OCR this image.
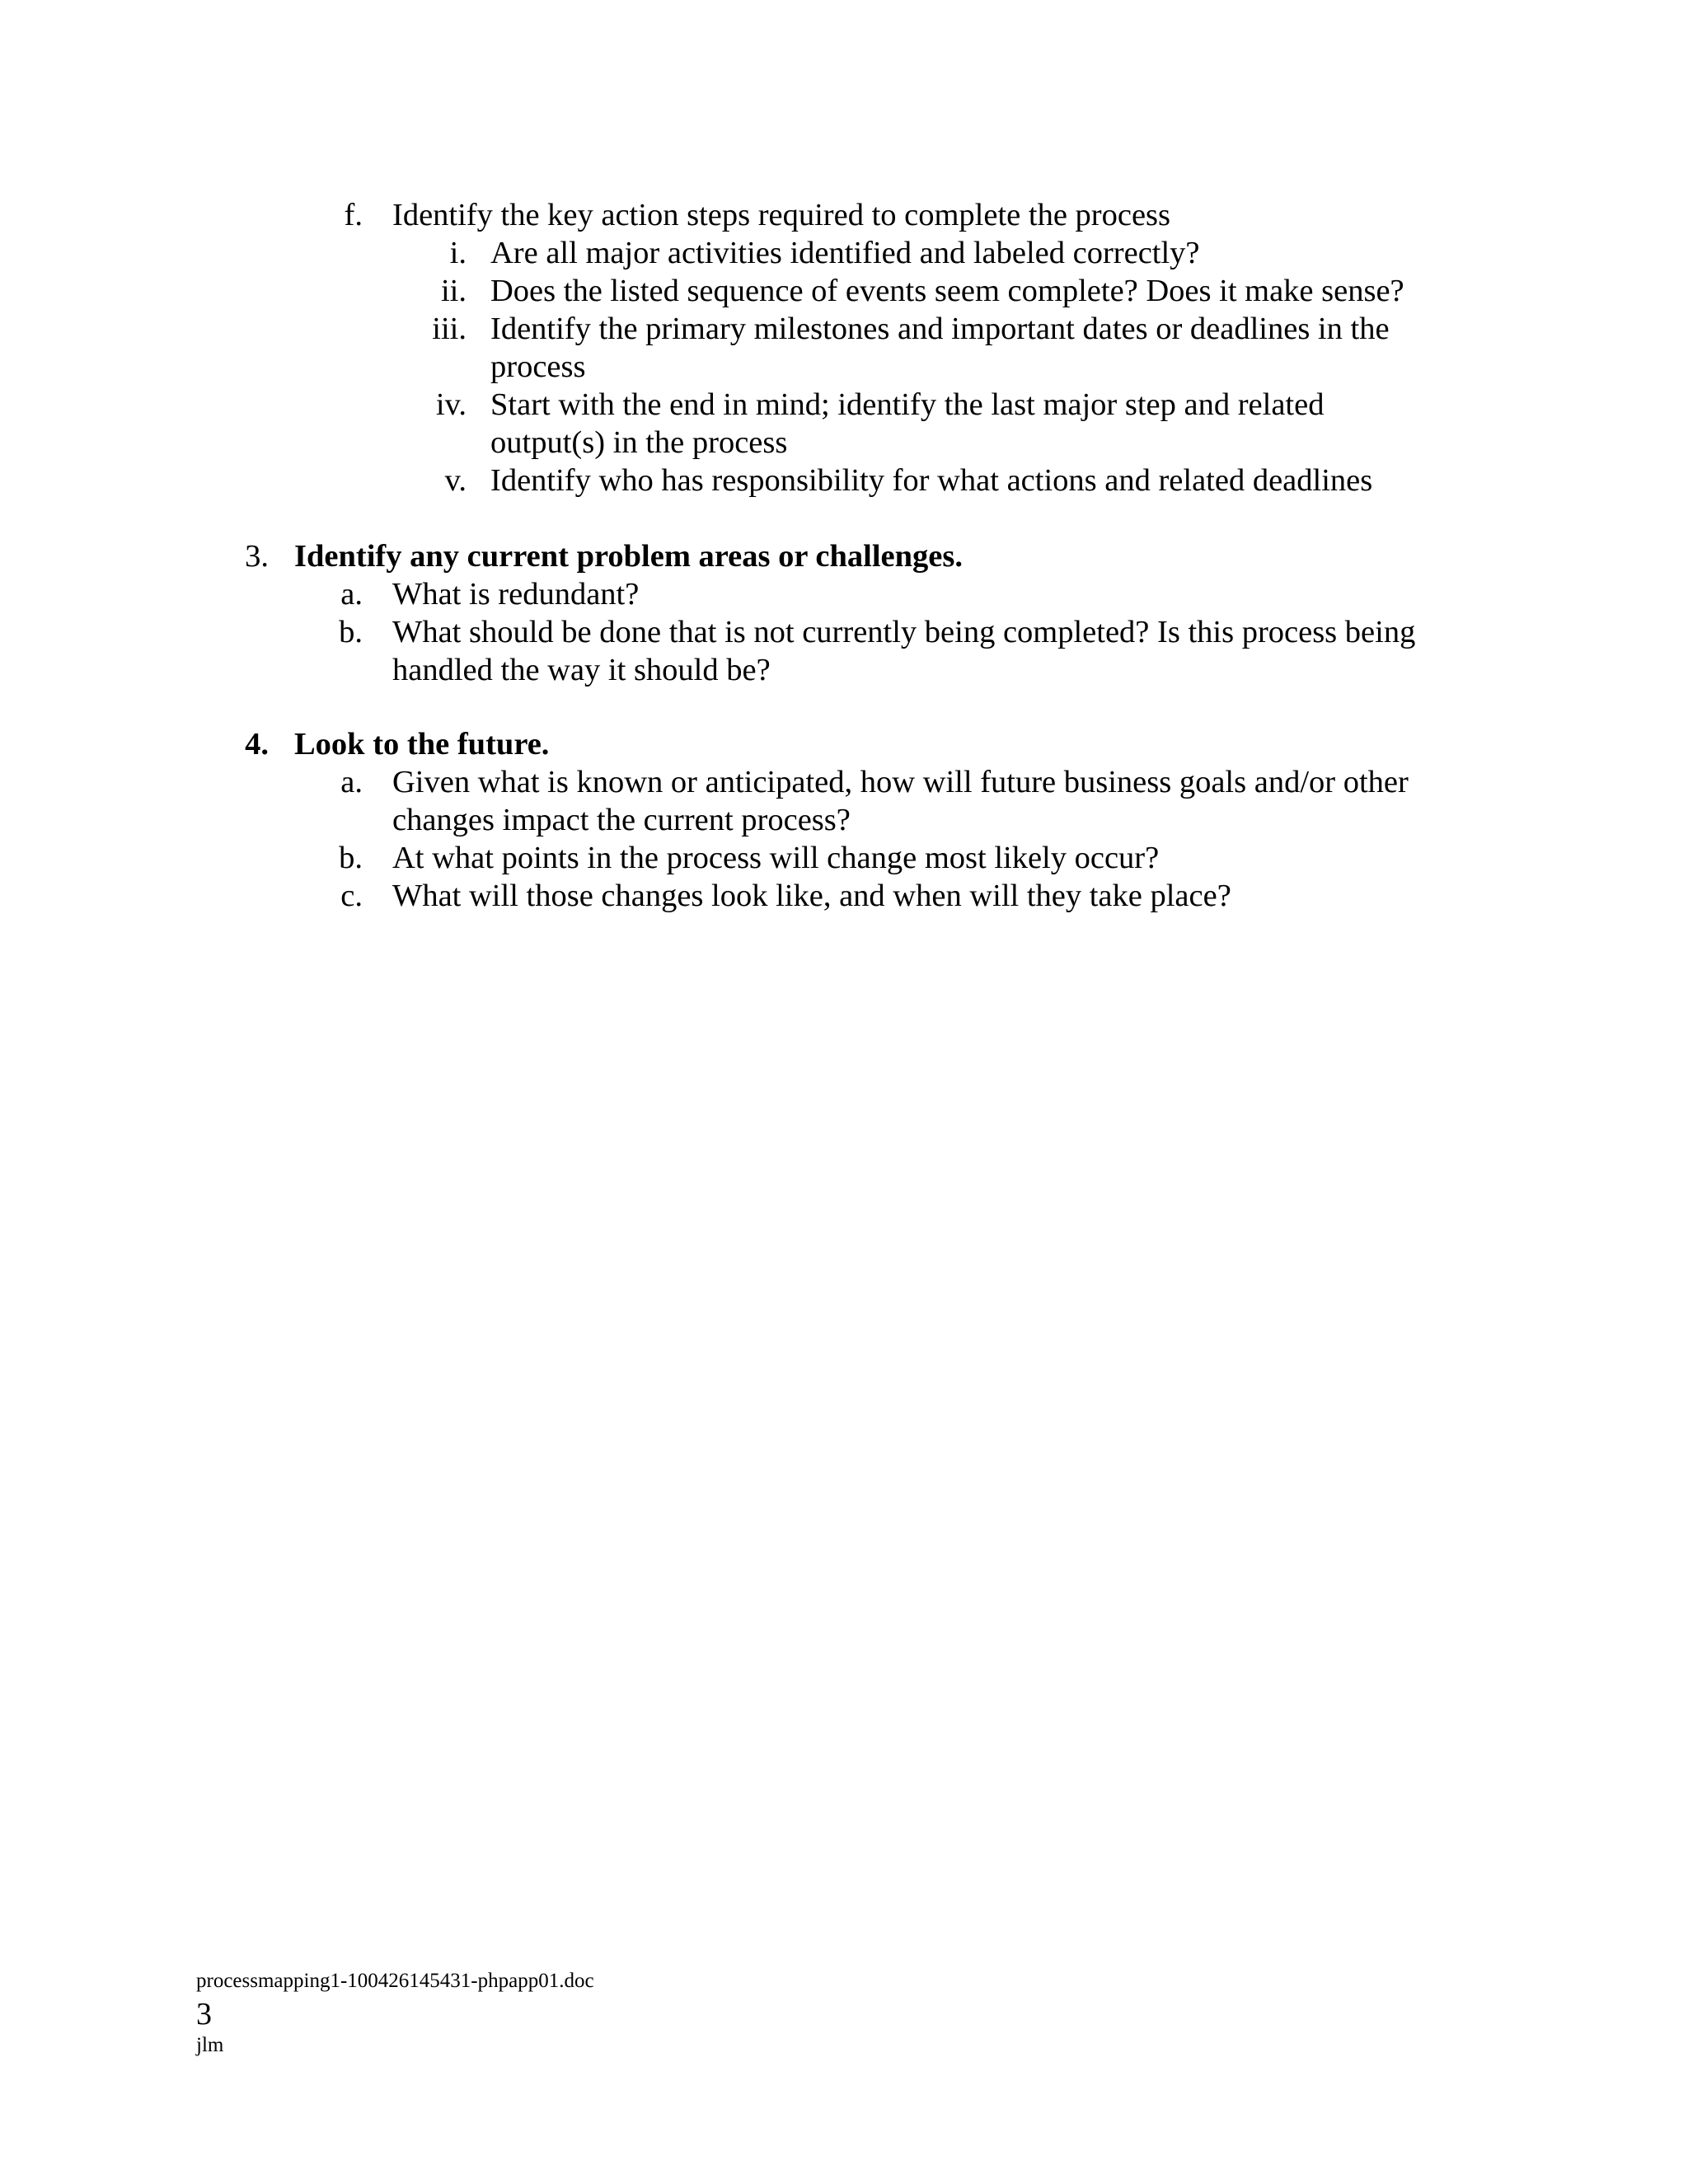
f. Identify the key action steps required to complete the process
i. Are all major activities identified and labeled correctly?
ii. Does the listed sequence of events seem complete? Does it make sense?
iii. Identify the primary milestones and important dates or deadlines in the
process
iv. Start with the end in mind; identify the last major step and related
output(s) in the process
v. Identify who has responsibility for what actions and related deadlines
3. Identify any current problem areas or challenges.
a. What is redundant?
b. What should be done that is not currently being completed? Is this process being
handled the way it should be?
4. Look to the future.
a. Given what is known or anticipated, how will future business goals and/or other
changes impact the current process?
b. At what points in the process will change most likely occur?
c. What will those changes look like, and when will they take place?
processmapping1-100426145431-phpapp01.doc
3
jlm
